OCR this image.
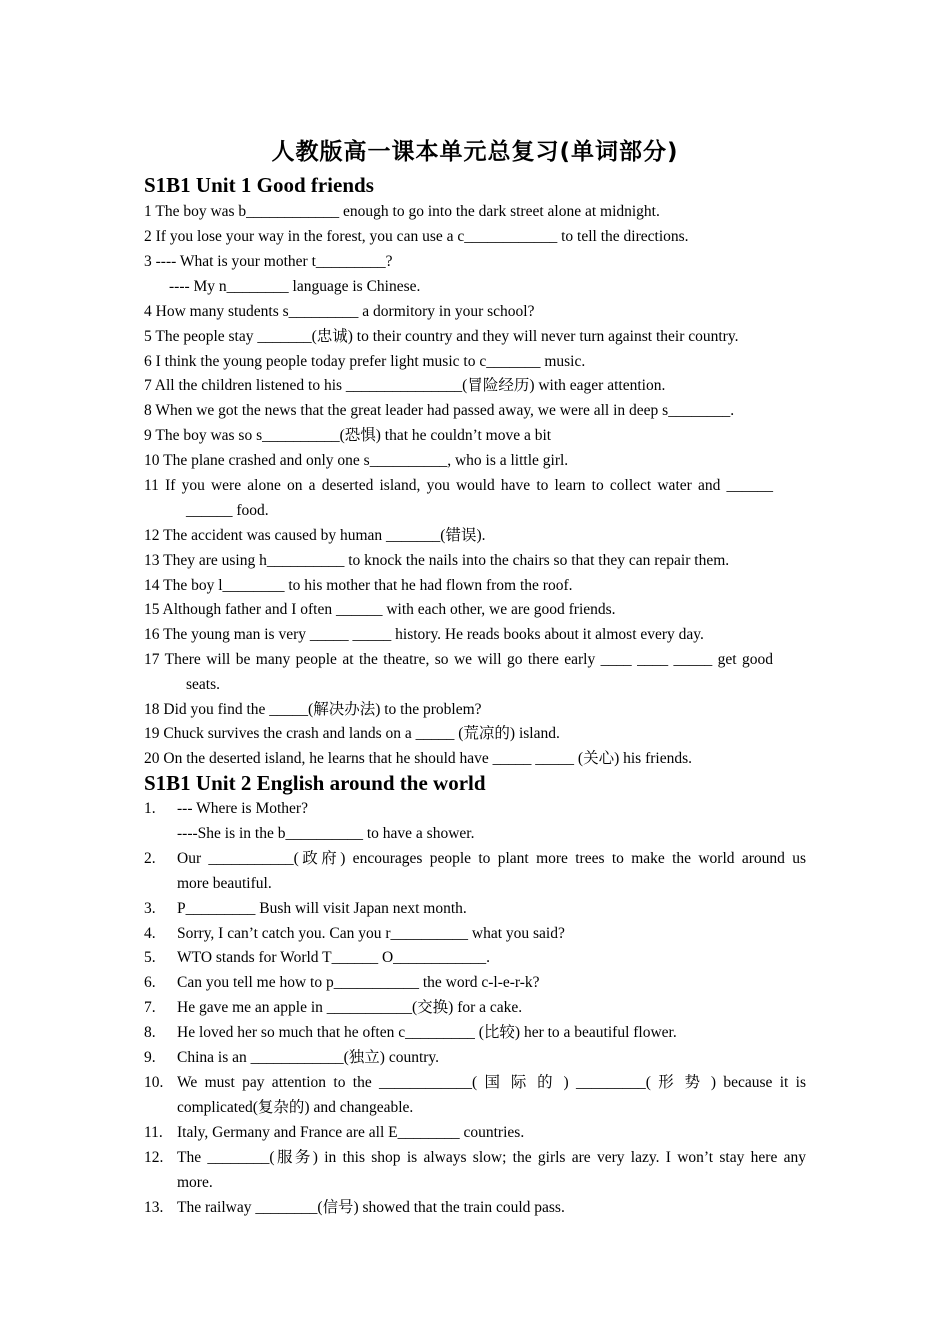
人教版高一课本单元总复习(单词部分)
S1B1 Unit 1 Good friends
1 The boy was b____________ enough to go into the dark street alone at midnight.
2 If you lose your way in the forest, you can use a c____________ to tell the directions.
3 ---- What is your mother t_________?
---- My n________ language is Chinese.
4 How many students s_________ a dormitory in your school?
5 The people stay _______(忠诚) to their country and they will never turn against their country.
6 I think the young people today prefer light music to c_______ music.
7 All the children listened to his _______________(冒险经历) with eager attention.
8 When we got the news that the great leader had passed away, we were all in deep s________.
9 The boy was so s__________(恐惧) that he couldn’t move a bit
10 The plane crashed and only one s__________, who is a little girl.
11 If you were alone on a deserted island, you would have to learn to collect water and ______
______ food.
12 The accident was caused by human _______(错误).
13 They are using h__________ to knock the nails into the chairs so that they can repair them.
14 The boy l________ to his mother that he had flown from the roof.
15 Although father and I often ______ with each other, we are good friends.
16 The young man is very _____ _____ history. He reads books about it almost every day.
17 There will be many people at the theatre, so we will go there early ____ ____ _____ get good
seats.
18 Did you find the _____(解决办法) to the problem?
19 Chuck survives the crash and lands on a _____ (荒凉的) island.
20 On the deserted island, he learns that he should have _____ _____ (关心) his friends.
S1B1 Unit 2 English around the world
1. --- Where is Mother?
----She is in the b__________ to have a shower.
2. Our ___________(政府) encourages people to plant more trees to make the world around us
more beautiful.
3. P_________ Bush will visit Japan next month.
4. Sorry, I can’t catch you. Can you r__________ what you said?
5. WTO stands for World T______ O____________.
6. Can you tell me how to p___________ the word c-l-e-r-k?
7. He gave me an apple in ___________(交换) for a cake.
8. He loved her so much that he often c_________ (比较) her to a beautiful flower.
9. China is an ____________(独立) country.
10. We must pay attention to the ____________( 国 际 的 ) _________( 形 势 ) because it is
complicated(复杂的) and changeable.
11. Italy, Germany and France are all E________ countries.
12. The ________(服务) in this shop is always slow; the girls are very lazy. I won’t stay here any
more.
13. The railway ________(信号) showed that the train could pass.
